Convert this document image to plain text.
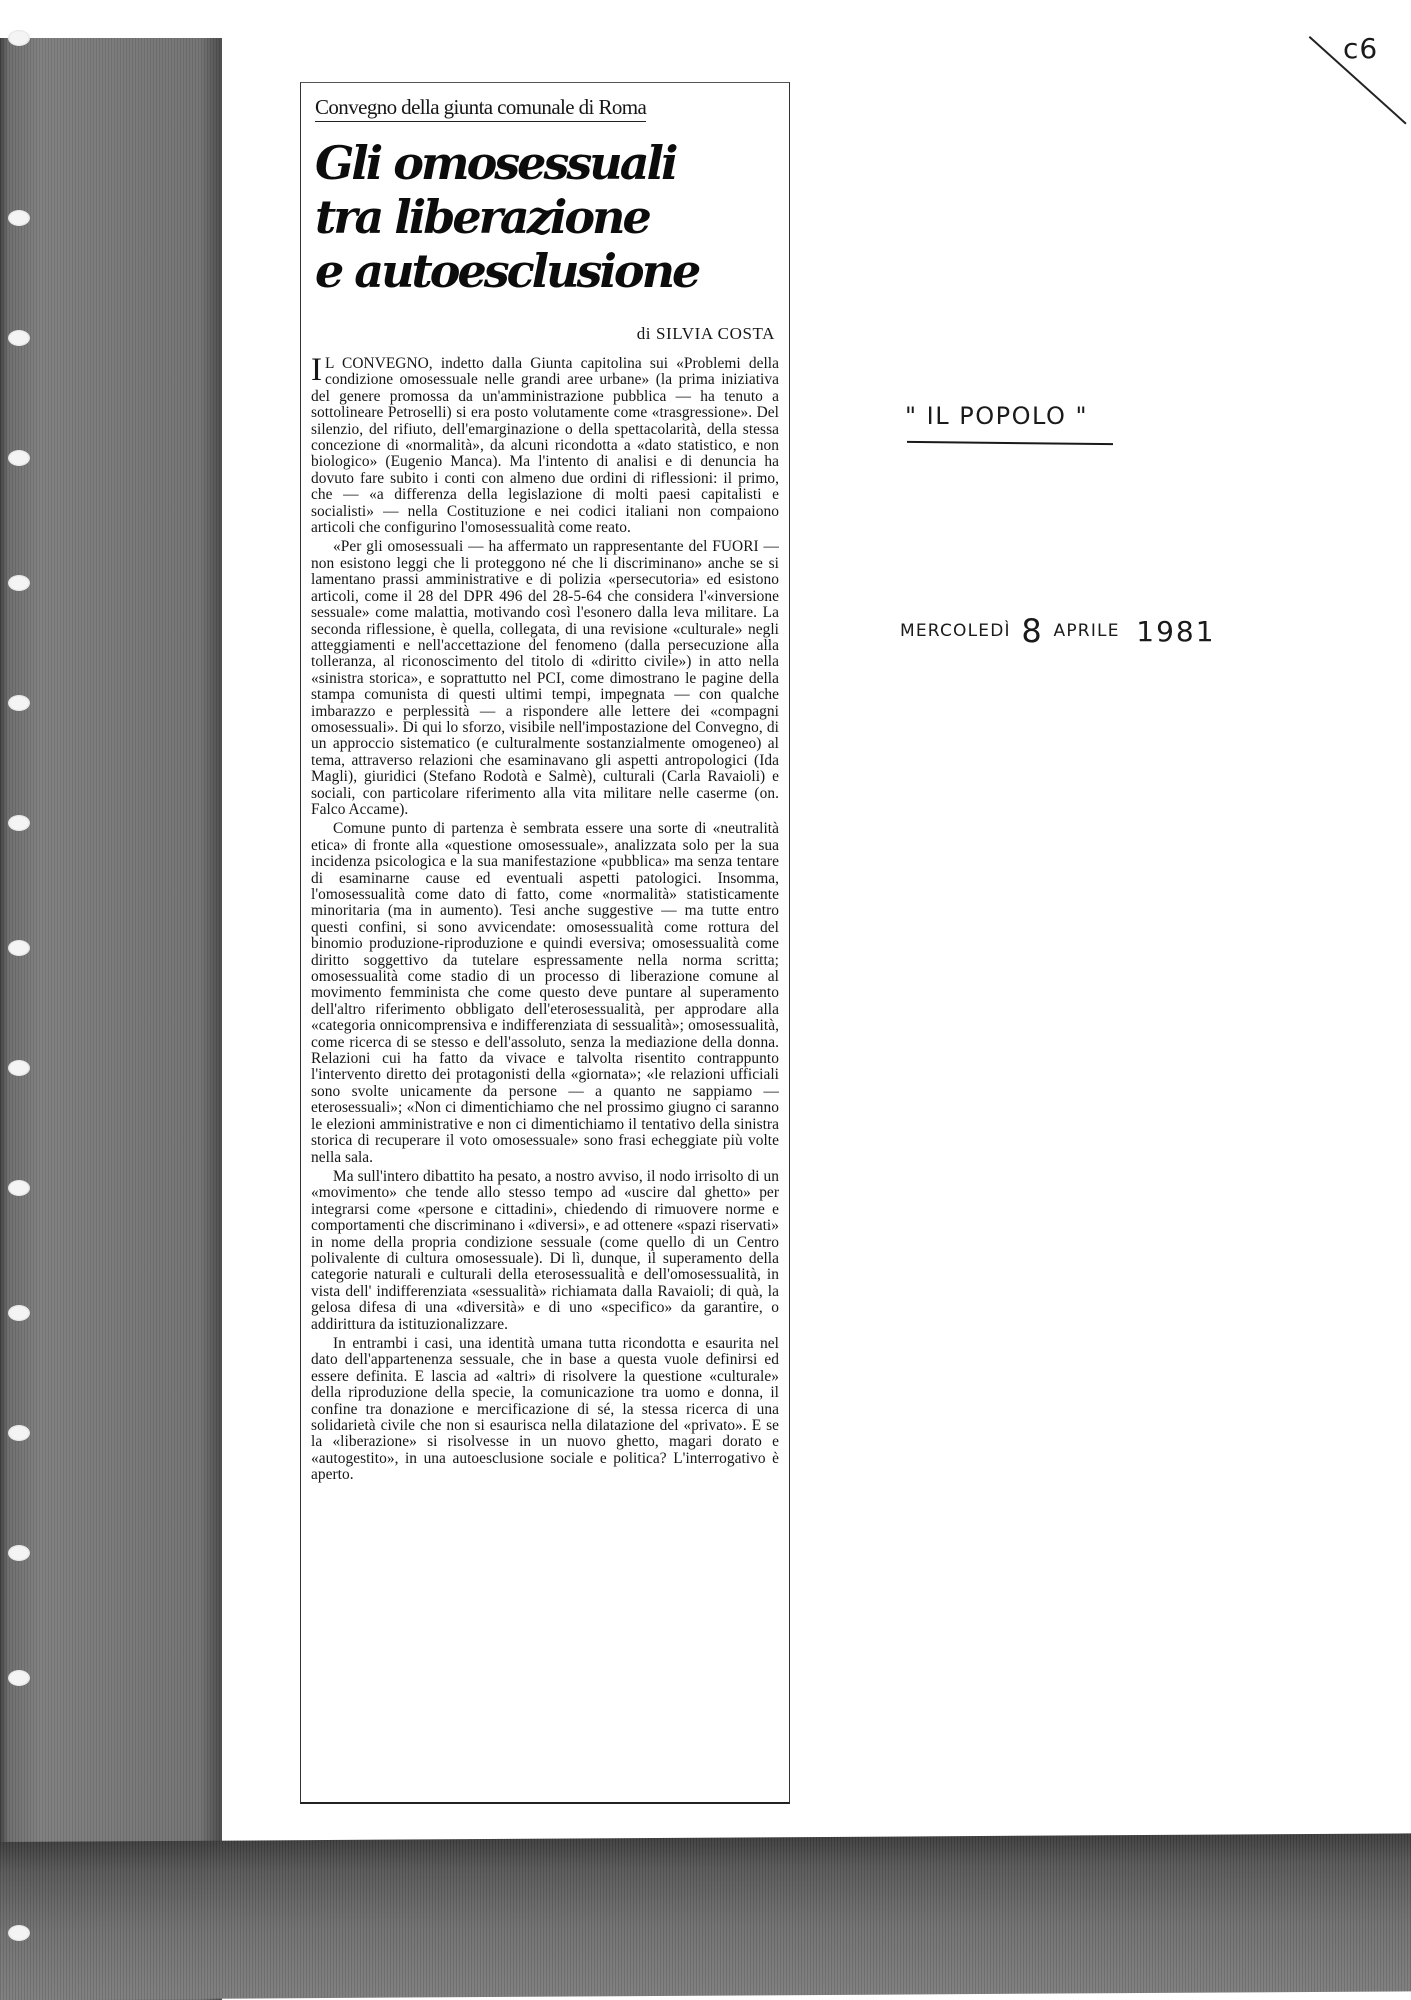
c6
Convegno della giunta comunale di Roma
Gli omosessuali
tra liberazione
e autoesclusione
di SILVIA COSTA

I L CONVEGNO, indetto dalla Giunta capitolina sui «Problemi della condizione omosessuale nelle grandi aree urbane» (la prima iniziativa del genere promossa da un'amministrazione pubblica — ha tenuto a sottolineare Petroselli) si era posto volutamente come «trasgressione». Del silenzio, del rifiuto, dell'emarginazione o della spettacolarità, della stessa concezione di «normalità», da alcuni ricondotta a «dato statistico, e non biologico» (Eugenio Manca). Ma l'intento di analisi e di denuncia ha dovuto fare subito i conti con almeno due ordini di riflessioni: il primo, che — «a differenza della legislazione di molti paesi capitalisti e socialisti» — nella Costituzione e nei codici italiani non compaiono articoli che configurino l'omosessualità come reato.

«Per gli omosessuali — ha affermato un rappresentante del FUORI — non esistono leggi che li proteggono né che li discriminano» anche se si lamentano prassi amministrative e di polizia «persecutoria» ed esistono articoli, come il 28 del DPR 496 del 28-5-64 che considera l'«inversione sessuale» come malattia, motivando così l'esonero dalla leva militare. La seconda riflessione, è quella, collegata, di una revisione «culturale» negli atteggiamenti e nell'accettazione del fenomeno (dalla persecuzione alla tolleranza, al riconoscimento del titolo di «diritto civile») in atto nella «sinistra storica», e soprattutto nel PCI, come dimostrano le pagine della stampa comunista di questi ultimi tempi, impegnata — con qualche imbarazzo e perplessità — a rispondere alle lettere dei «compagni omosessuali». Di qui lo sforzo, visibile nell'impostazione del Convegno, di un approccio sistematico (e culturalmente sostanzialmente omogeneo) al tema, attraverso relazioni che esaminavano gli aspetti antropologici (Ida Magli), giuridici (Stefano Rodotà e Salmè), culturali (Carla Ravaioli) e sociali, con particolare riferimento alla vita militare nelle caserme (on. Falco Accame).

Comune punto di partenza è sembrata essere una sorte di «neutralità etica» di fronte alla «questione omosessuale», analizzata solo per la sua incidenza psicologica e la sua manifestazione «pubblica» ma senza tentare di esaminarne cause ed eventuali aspetti patologici. Insomma, l'omosessualità come dato di fatto, come «normalità» statisticamente minoritaria (ma in aumento). Tesi anche suggestive — ma tutte entro questi confini, si sono avvicendate: omosessualità come rottura del binomio produzione-riproduzione e quindi eversiva; omosessualità come diritto soggettivo da tutelare espressamente nella norma scritta; omosessualità come stadio di un processo di liberazione comune al movimento femminista che come questo deve puntare al superamento dell'altro riferimento obbligato dell'eterosessualità, per approdare alla «categoria onnicomprensiva e indifferenziata di sessualità»; omosessualità, come ricerca di se stesso e dell'assoluto, senza la mediazione della donna. Relazioni cui ha fatto da vivace e talvolta risentito contrappunto l'intervento diretto dei protagonisti della «giornata»; «le relazioni ufficiali sono svolte unicamente da persone — a quanto ne sappiamo — eterosessuali»; «Non ci dimentichiamo che nel prossimo giugno ci saranno le elezioni amministrative e non ci dimentichiamo il tentativo della sinistra storica di recuperare il voto omosessuale» sono frasi echeggiate più volte nella sala.

Ma sull'intero dibattito ha pesato, a nostro avviso, il nodo irrisolto di un «movimento» che tende allo stesso tempo ad «uscire dal ghetto» per integrarsi come «persone e cittadini», chiedendo di rimuovere norme e comportamenti che discriminano i «diversi», e ad ottenere «spazi riservati» in nome della propria condizione sessuale (come quello di un Centro polivalente di cultura omosessuale). Di lì, dunque, il superamento della categorie naturali e culturali della eterosessualità e dell'omosessualità, in vista dell' indifferenziata «sessualità» richiamata dalla Ravaioli; di quà, la gelosa difesa di una «diversità» e di uno «specifico» da garantire, o addirittura da istituzionalizzare.

In entrambi i casi, una identità umana tutta ricondotta e esaurita nel dato dell'appartenenza sessuale, che in base a questa vuole definirsi ed essere definita. E lascia ad «altri» di risolvere la questione «culturale» della riproduzione della specie, la comunicazione tra uomo e donna, il confine tra donazione e mercificazione di sé, la stessa ricerca di una solidarietà civile che non si esaurisca nella dilatazione del «privato». E se la «liberazione» si risolvesse in un nuovo ghetto, magari dorato e «autogestito», in una autoesclusione sociale e politica? L'interrogativo è aperto.

" IL POPOLO "
MERCOLEDÌ 8 APRILE 1981
